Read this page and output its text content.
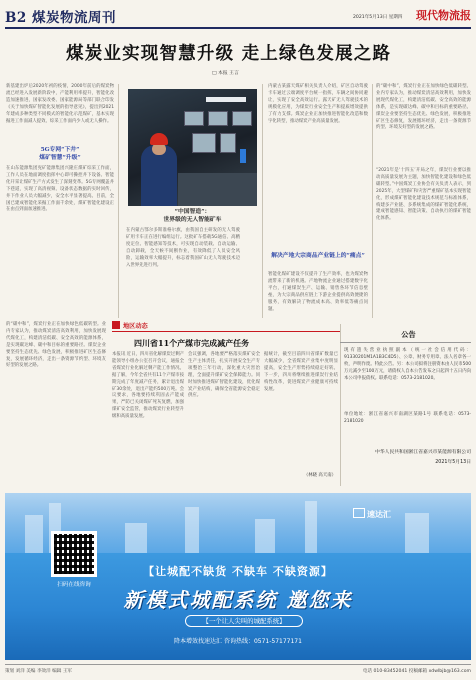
B2 煤炭物流周刊	2021年5月13日 星期四 现代物流报
煤炭业实现智慧升级 走上绿色发展之路
□ 本报 王言
新基建出炉后2020年初的疫情，2000年前后的煤炭物流已经进入发展新阶段中，产能利用率提升，智能化改造加速推进，国家发改委、国家能源局等部门联合印发《关于加快煤矿智能化发展的指导意见》，提出到2021年建成多种类型不同模式的智能化示范煤矿，基本实现掘进工作面减人提效、综采工作面内少人或无人操作。
5G专网“下井”
煤矿智慧“升级”
在山东能源集团兖矿能源集团兴隆庄煤矿综采工作面，工作人员在地面调度指挥中心即可操控井下设备。智能化开采让煤矿生产方式发生了深刻变革。5G专网覆盖井下巷道，实现了高清视频、设备状态数据的实时回传，井下作业人员大幅减少，安全水平显著提高。目前，全国已建成智能化采掘工作面千余处，煤矿智能化建设正在由点到面加速推进。	“中国智造”：
世界级的无人智能矿车
在内蒙古鄂尔多斯准格尔旗，由我国自主研发的无人驾驶矿用卡车正在进行编组运行。这批矿车搭载5G通信、高精度定位、智能感知等技术，可实现自动装载、自动运输、自动卸载，全天候不间断作业，有效降低了人员安全风险，运输效率大幅提升，标志着我国矿山无人驾驶技术迈入世界先进行列。
内蒙古某露天煤矿相关负责人介绍，矿区自动驾驶卡车通过云端调度平台统一指挥，车辆之间协同避让，实现了安全高效运行。露天矿无人驾驶技术的规模化应用，为煤炭行业安全生产和提质增效提供了有力支撑。煤炭企业正加快推进智能化改造和数字化转型，推动煤炭产业高质量发展。
解决产地大宗商品产业链上的“痛点”
智能化煤矿建设不仅提升了生产效率，也为煤炭物流带来了新的机遇。产地物流企业通过搭建数字化平台，打通煤炭生产、运输、销售各环节信息壁垒，为大宗商品供应链上下游企业提供高效便捷的服务，有效解决了物流成本高、效率低等痛点问题。
的“碳中和”，煤炭行业正在加快绿色低碳转型。业内专家认为，推动煤炭清洁高效利用，加快发展现代煤化工，构建清洁低碳、安全高效的能源体系，是实现碳达峰、碳中和目标的重要路径。煤炭企业要坚持生态优先、绿色发展，积极推进矿区生态修复，发展循环经济，走出一条资源节约型、环境友好型的发展之路。
“2021年是‘十四五’开局之年，煤炭行业要以推动高质量发展为主题，加快智能化建设和绿色低碳转型。”中国煤炭工业协会有关负责人表示，到2025年，大型煤矿和灾害严重煤矿基本实现智能化，形成煤矿智能化建设技术规范与标准体系，构建多产业链、多系统集成的煤矿智能化系统，建成智能感知、智能决策、自动执行的煤矿智能化体系。
地区动态
四川省11个产煤市完成减产任务
本报讯 近日，四川省化解煤炭过剩产能领导小组办公室召开会议，通报全省煤炭行业化解过剩产能工作情况。据了解，今年全省共有11个产煤市按期完成了年度减产任务，累计退出煤矿30余处，退出产能约500万吨。会议要求，各地要持续巩固去产能成果，严防已关闭煤矿死灰复燃，加强煤矿安全监管，推动煤炭行业转型升级和高质量发展。
会议强调，各地要严格落实煤矿安全生产主体责任，扎实开展安全生产专项整治三年行动，深化重大灾害治理，全面提升煤矿安全保障能力。同时加快推进煤矿智能化建设，优化煤炭产业结构，确保全省能源安全稳定供应。
据统计，截至目前四川省煤矿数量已大幅减少，全省煤炭产业集中度明显提高，安全生产形势持续稳定好转。下一步，四川将继续推进煤炭行业结构性改革，促进煤炭产业健康可持续发展。
（林晓 高天南）
的“碳中和”，煤炭行业正在加快绿色低碳转型。业内专家认为，推动煤炭清洁高效利用，加快发展现代煤化工，构建清洁低碳、安全高效的能源体系，是实现碳达峰、碳中和目标的重要路径。煤炭企业要坚持生态优先、绿色发展，积极推进矿区生态修复，发展循环经济，走出一条资源节约型、环境友好型的发展之路。
公告
现有遗失营业执照副本（统一社会信用代码：91330201M1A1B3C4D5）、公章、财务专用章、法人名章各一枚，声明作废。特此公告。另：本公司拟将注册资本由人民币500万元减少至100万元，请债权人自本公告发布之日起四十五日内向本公司申报债权。联系电话：0573-2181020。
单位地址：浙江省嘉兴市南湖区某路1号 联系电话：0573-2181020
中华人民共和国浙江省嘉兴市某能源有限公司
2021年5月13日
速达汇
扫码在线咨询
【让城配不缺货 不缺车 不缺资源】
新模式城配系统 邀您来
【一个让人尖叫的城配系统】
降本增效找速达汇 咨询热线：0571-57177171
策划 刘洋 美编 李效洋 编辑 王军	电话 010-83452041 投稿邮箱 xdwlbjb@163.com
